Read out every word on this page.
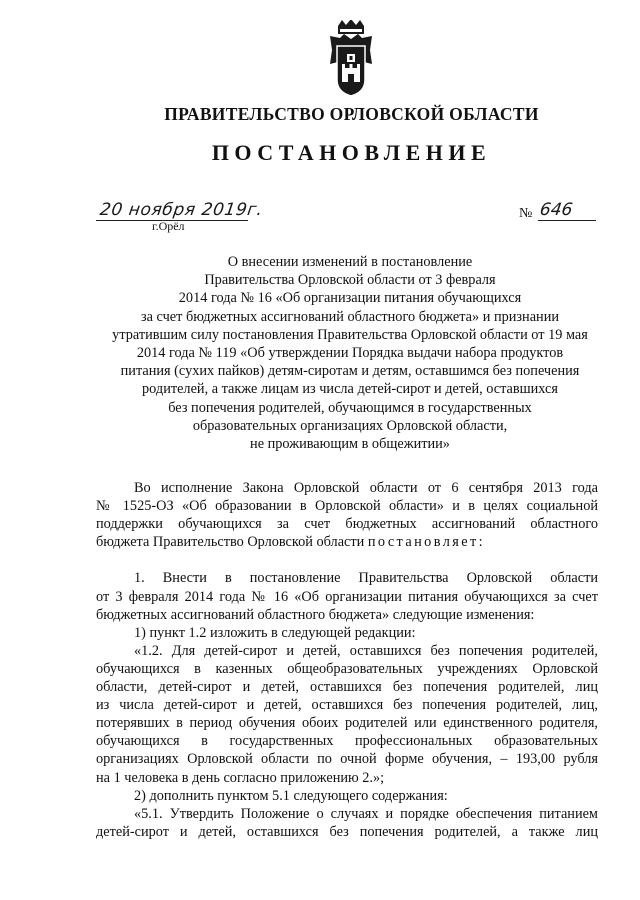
ПРАВИТЕЛЬСТВО ОРЛОВСКОЙ ОБЛАСТИ
ПОСТАНОВЛЕНИЕ
20 ноября 2019г.
г.Орёл
№ 646
О внесении изменений в постановление
Правительства Орловской области от 3 февраля
2014 года № 16 «Об организации питания обучающихся
за счет бюджетных ассигнований областного бюджета» и признании
утратившим силу постановления Правительства Орловской области от 19 мая
2014 года № 119 «Об утверждении Порядка выдачи набора продуктов
питания (сухих пайков) детям-сиротам и детям, оставшимся без попечения
родителей, а также лицам из числа детей-сирот и детей, оставшихся
без попечения родителей, обучающимся в государственных
образовательных организациях Орловской области,
не проживающим в общежитии»
Во исполнение Закона Орловской области от 6 сентября 2013 года
№ 1525-ОЗ «Об образовании в Орловской области» и в целях социальной
поддержки обучающихся за счет бюджетных ассигнований областного
бюджета Правительство Орловской области постановляет:
1. Внести в постановление Правительства Орловской области
от 3 февраля 2014 года № 16 «Об организации питания обучающихся за счет
бюджетных ассигнований областного бюджета» следующие изменения:
1) пункт 1.2 изложить в следующей редакции:
«1.2. Для детей-сирот и детей, оставшихся без попечения родителей,
обучающихся в казенных общеобразовательных учреждениях Орловской
области, детей-сирот и детей, оставшихся без попечения родителей, лиц
из числа детей-сирот и детей, оставшихся без попечения родителей, лиц,
потерявших в период обучения обоих родителей или единственного родителя,
обучающихся в государственных профессиональных образовательных
организациях Орловской области по очной форме обучения, – 193,00 рубля
на 1 человека в день согласно приложению 2.»;
2) дополнить пунктом 5.1 следующего содержания:
«5.1. Утвердить Положение о случаях и порядке обеспечения питанием
детей-сирот и детей, оставшихся без попечения родителей, а также лиц
